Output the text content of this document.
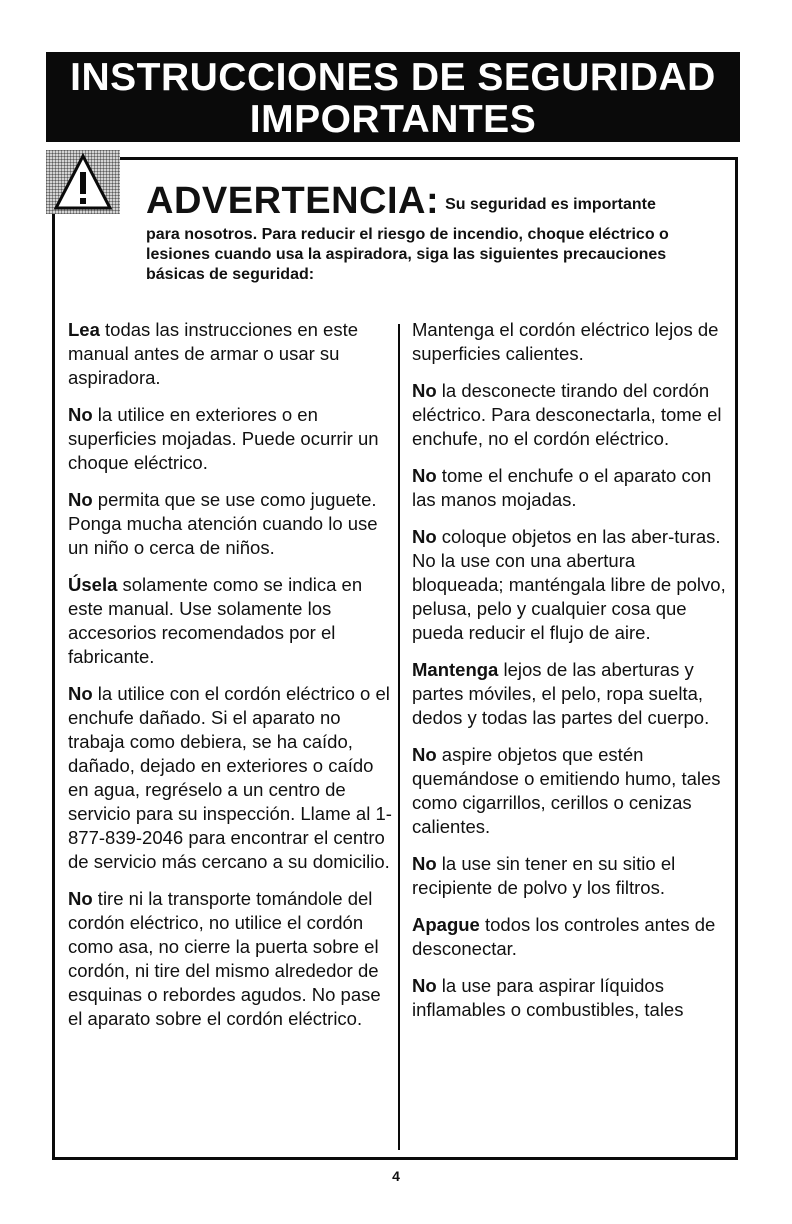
INSTRUCCIONES DE SEGURIDAD
IMPORTANTES
ADVERTENCIA: Su seguridad es importante

para nosotros. Para reducir el riesgo de incendio, choque eléctrico o lesiones cuando usa la aspiradora, siga las siguientes precauciones básicas de seguridad:

Lea todas las instrucciones en este manual antes de armar o usar su aspiradora.

No la utilice en exteriores o en superficies mojadas. Puede ocurrir un choque eléctrico.

No permita que se use como juguete. Ponga mucha atención cuando lo use un niño o cerca de niños.

Úsela solamente como se indica en este manual. Use solamente los accesorios recomendados por el fabricante.

No la utilice con el cordón eléctrico o el enchufe dañado. Si el aparato no trabaja como debiera, se ha caído, dañado, dejado en exteriores o caído en agua, regréselo a un centro de servicio para su inspección. Llame al 1-877-839-2046 para encontrar el centro de servicio más cercano a su domicilio.

No tire ni la transporte tomándole del cordón eléctrico, no utilice el cordón como asa, no cierre la puerta sobre el cordón, ni tire del mismo alrededor de esquinas o rebordes agudos. No pase el aparato sobre el cordón eléctrico.

Mantenga el cordón eléctrico lejos de superficies calientes.

No la desconecte tirando del cordón eléctrico. Para desconectarla, tome el enchufe, no el cordón eléctrico.

No tome el enchufe o el aparato con las manos mojadas.

No coloque objetos en las aber-turas. No la use con una abertura bloqueada; manténgala libre de polvo, pelusa, pelo y cualquier cosa que pueda reducir el flujo de aire.

Mantenga lejos de las aberturas y partes móviles, el pelo, ropa suelta, dedos y todas las partes del cuerpo.

No aspire objetos que estén quemándose o emitiendo humo, tales como cigarrillos, cerillos o cenizas calientes.

No la use sin tener en su sitio el recipiente de polvo y los filtros.

Apague todos los controles antes de desconectar.

No la use para aspirar líquidos inflamables o combustibles, tales

4
